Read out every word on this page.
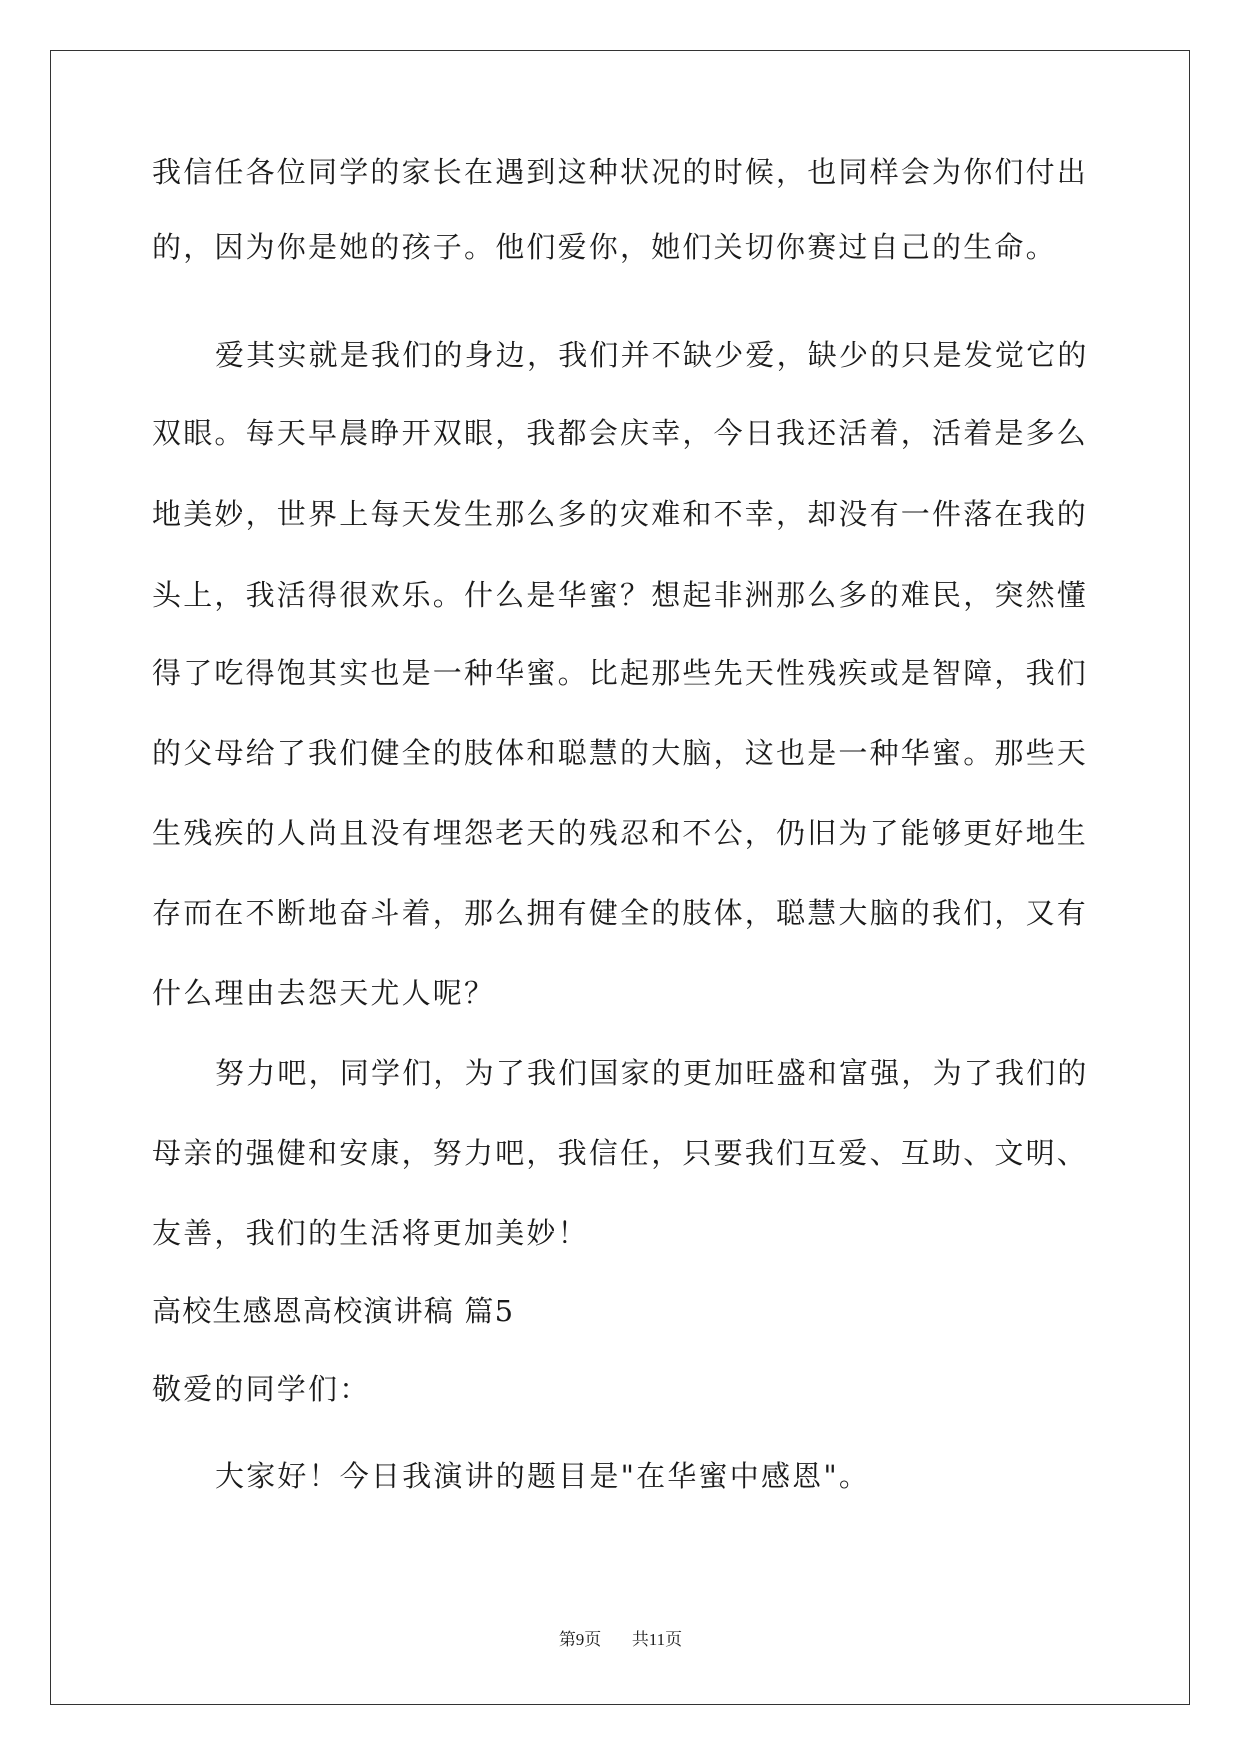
我信任各位同学的家长在遇到这种状况的时候，也同样会为你们付出
的，因为你是她的孩子。他们爱你，她们关切你赛过自己的生命。
爱其实就是我们的身边，我们并不缺少爱，缺少的只是发觉它的
双眼。每天早晨睁开双眼，我都会庆幸，今日我还活着，活着是多么
地美妙，世界上每天发生那么多的灾难和不幸，却没有一件落在我的
头上，我活得很欢乐。什么是华蜜？想起非洲那么多的难民，突然懂
得了吃得饱其实也是一种华蜜。比起那些先天性残疾或是智障，我们
的父母给了我们健全的肢体和聪慧的大脑，这也是一种华蜜。那些天
生残疾的人尚且没有埋怨老天的残忍和不公，仍旧为了能够更好地生
存而在不断地奋斗着，那么拥有健全的肢体，聪慧大脑的我们，又有
什么理由去怨天尤人呢？
努力吧，同学们，为了我们国家的更加旺盛和富强，为了我们的
母亲的强健和安康，努力吧，我信任，只要我们互爱、互助、文明、
友善，我们的生活将更加美妙！
高校生感恩高校演讲稿 篇5
敬爱的同学们：
大家好！今日我演讲的题目是"在华蜜中感恩"。
第9页 共11页
